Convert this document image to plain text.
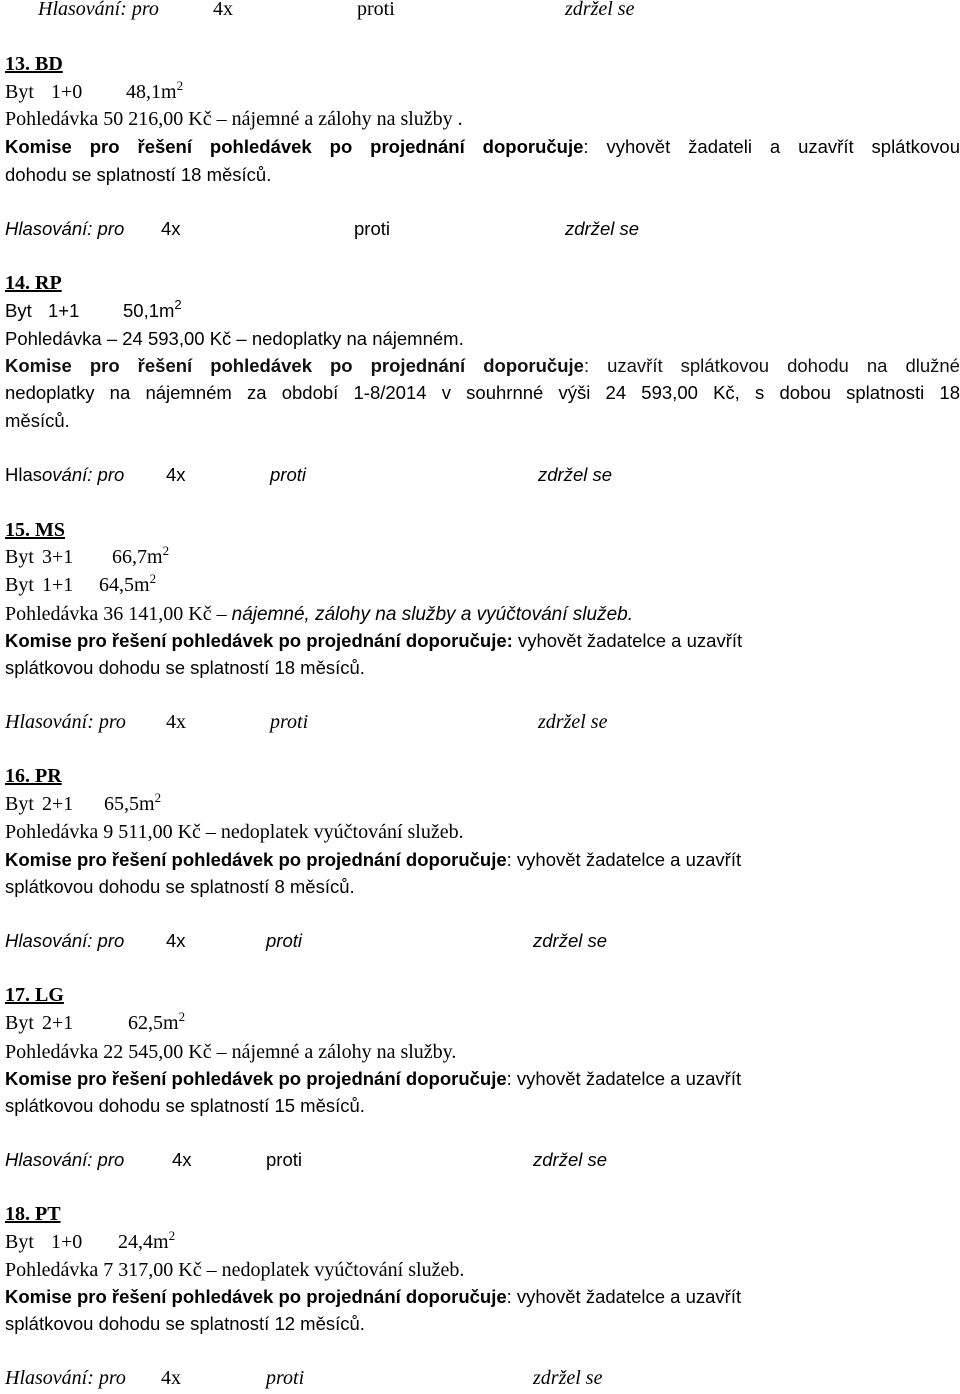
Hlasování: pro	4x	proti	zdržel se
13. BD
Byt 1+0 $48,1m^2$
Pohledávka 50 216,00 Kč – nájemné a zálohy na služby .
Komise pro řešení pohledávek po projednání doporučuje: vyhovět žadateli a uzavřít splátkovou
dohodu se splatností 18 měsíců.
Hlasování: pro 4x	proti	zdržel se
14. RP
Byt 1+1 $50,1m^2$
Pohledávka – 24 593,00 Kč – nedoplatky na nájemném.
Komise pro řešení pohledávek po projednání doporučuje: uzavřít splátkovou dohodu na dlužné
nedoplatky na nájemném za období 1-8/2014 v souhrnné výši 24 593,00 Kč, s dobou splatnosti 18
měsíců.
Hlasování: pro 4x	proti	zdržel se
15. MS
Byt 3+1 $66,7m^2$
Byt 1+1 $64,5m^2$
Pohledávka 36 141,00 Kč – nájemné, zálohy na služby a vyúčtování služeb.
Komise pro řešení pohledávek po projednání doporučuje: vyhovět žadatelce a uzavřít
splátkovou dohodu se splatností 18 měsíců.
Hlasování: pro 4x	proti	zdržel se
16. PR
Byt 2+1 $65,5m^2$
Pohledávka 9 511,00 Kč – nedoplatek vyúčtování služeb.
Komise pro řešení pohledávek po projednání doporučuje: vyhovět žadatelce a uzavřít
splátkovou dohodu se splatností 8 měsíců.
Hlasování: pro 4x	proti	zdržel se
17. LG
Byt 2+1	$62,5m^2$
Pohledávka 22 545,00 Kč – nájemné a zálohy na služby.
Komise pro řešení pohledávek po projednání doporučuje: vyhovět žadatelce a uzavřít
splátkovou dohodu se splatností 15 měsíců.
Hlasování: pro	4x	proti	zdržel se
18. PT
Byt 1+0 $24,4m^2$
Pohledávka 7 317,00 Kč – nedoplatek vyúčtování služeb.
Komise pro řešení pohledávek po projednání doporučuje: vyhovět žadatelce a uzavřít
splátkovou dohodu se splatností 12 měsíců.
Hlasování: pro 4x	proti	zdržel se
